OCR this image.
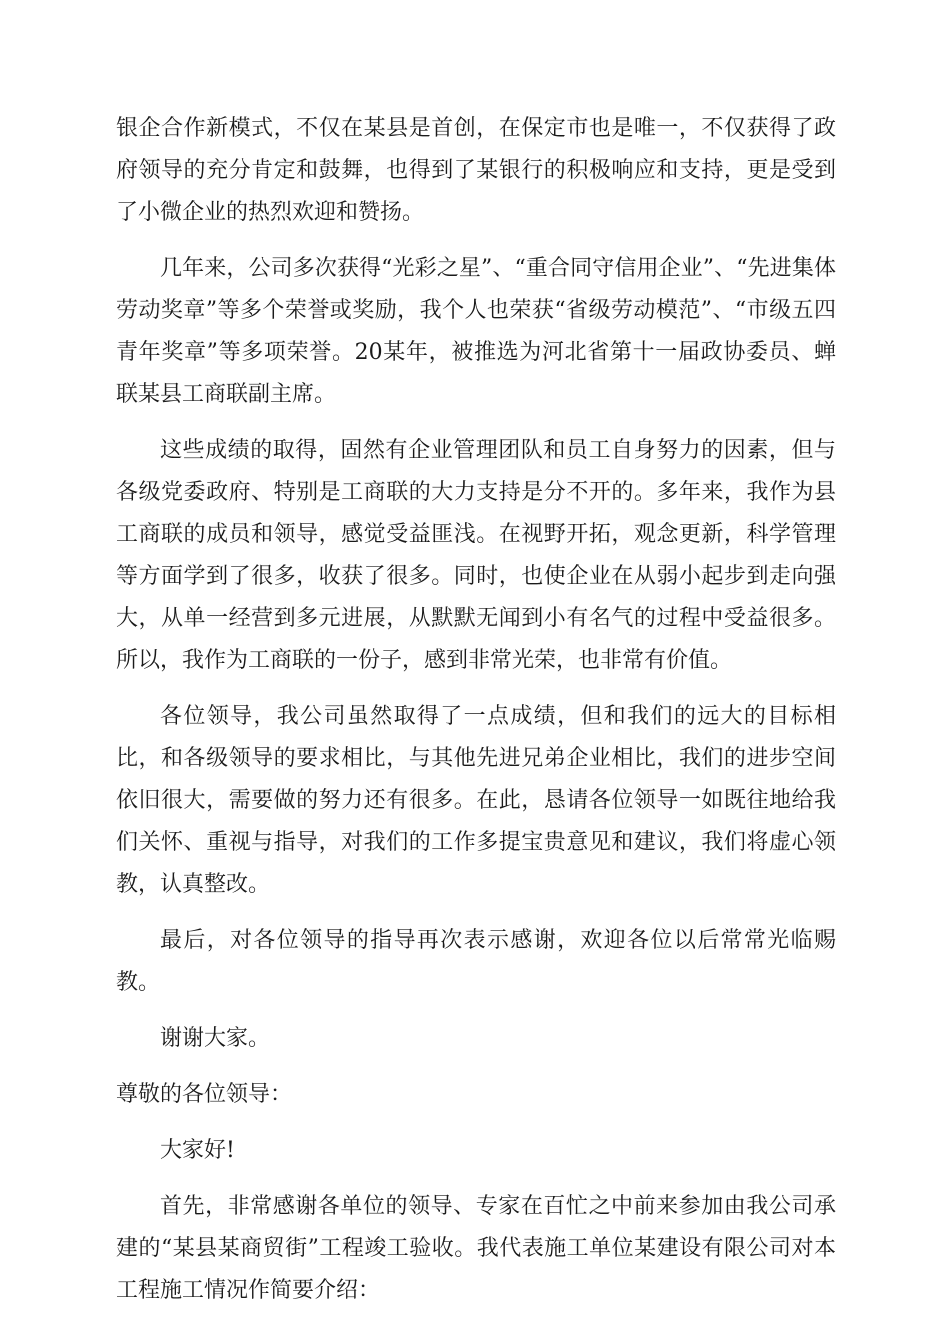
银企合作新模式，不仅在某县是首创，在保定市也是唯一，不仅获得了政府领导的充分肯定和鼓舞，也得到了某银行的积极响应和支持，更是受到了小微企业的热烈欢迎和赞扬。

几年来，公司多次获得“光彩之星”、“重合同守信用企业”、“先进集体劳动奖章”等多个荣誉或奖励，我个人也荣获“省级劳动模范”、“市级五四青年奖章”等多项荣誉。20某年，被推选为河北省第十一届政协委员、蝉联某县工商联副主席。

这些成绩的取得，固然有企业管理团队和员工自身努力的因素，但与各级党委政府、特别是工商联的大力支持是分不开的。多年来，我作为县工商联的成员和领导，感觉受益匪浅。在视野开拓，观念更新，科学管理等方面学到了很多，收获了很多。同时，也使企业在从弱小起步到走向强大，从单一经营到多元进展，从默默无闻到小有名气的过程中受益很多。所以，我作为工商联的一份子，感到非常光荣，也非常有价值。

各位领导，我公司虽然取得了一点成绩，但和我们的远大的目标相比，和各级领导的要求相比，与其他先进兄弟企业相比，我们的进步空间依旧很大，需要做的努力还有很多。在此，恳请各位领导一如既往地给我们关怀、重视与指导，对我们的工作多提宝贵意见和建议，我们将虚心领教，认真整改。

最后，对各位领导的指导再次表示感谢，欢迎各位以后常常光临赐教。

谢谢大家。

尊敬的各位领导：

大家好!

首先，非常感谢各单位的领导、专家在百忙之中前来参加由我公司承建的“某县某商贸街”工程竣工验收。我代表施工单位某建设有限公司对本工程施工情况作简要介绍：
